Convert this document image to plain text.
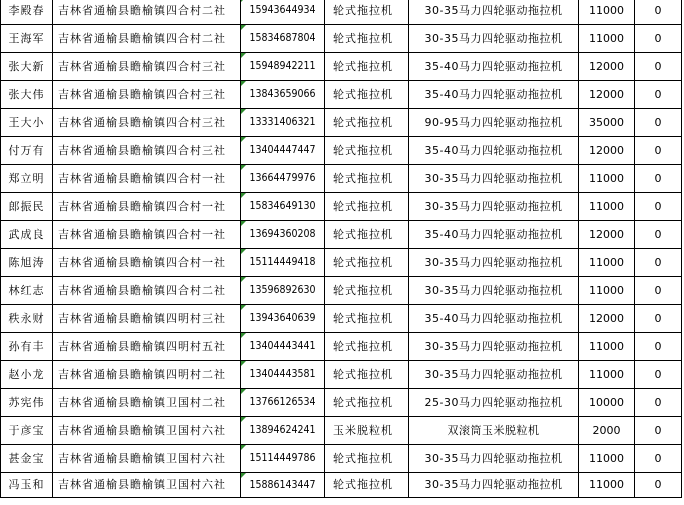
李殿春	吉林省通榆县瞻榆镇四合村二社	15943644934	轮式拖拉机	30-35马力四轮驱动拖拉机	11000	0
王海军	吉林省通榆县瞻榆镇四合村二社	15834687804	轮式拖拉机	30-35马力四轮驱动拖拉机	11000	0
张大新	吉林省通榆县瞻榆镇四合村三社	15948942211	轮式拖拉机	35-40马力四轮驱动拖拉机	12000	0
张大伟	吉林省通榆县瞻榆镇四合村三社	13843659066	轮式拖拉机	35-40马力四轮驱动拖拉机	12000	0
王大小	吉林省通榆县瞻榆镇四合村三社	13331406321	轮式拖拉机	90-95马力四轮驱动拖拉机	35000	0
付万有	吉林省通榆县瞻榆镇四合村三社	13404447447	轮式拖拉机	35-40马力四轮驱动拖拉机	12000	0
郑立明	吉林省通榆县瞻榆镇四合村一社	13664479976	轮式拖拉机	30-35马力四轮驱动拖拉机	11000	0
郎振民	吉林省通榆县瞻榆镇四合村一社	15834649130	轮式拖拉机	30-35马力四轮驱动拖拉机	11000	0
武成良	吉林省通榆县瞻榆镇四合村一社	13694360208	轮式拖拉机	35-40马力四轮驱动拖拉机	12000	0
陈旭涛	吉林省通榆县瞻榆镇四合村一社	15114449418	轮式拖拉机	30-35马力四轮驱动拖拉机	11000	0
林红志	吉林省通榆县瞻榆镇四合村二社	13596892630	轮式拖拉机	30-35马力四轮驱动拖拉机	11000	0
秩永财	吉林省通榆县瞻榆镇四明村三社	13943640639	轮式拖拉机	35-40马力四轮驱动拖拉机	12000	0
孙有丰	吉林省通榆县瞻榆镇四明村五社	13404443441	轮式拖拉机	30-35马力四轮驱动拖拉机	11000	0
赵小龙	吉林省通榆县瞻榆镇四明村二社	13404443581	轮式拖拉机	30-35马力四轮驱动拖拉机	11000	0
苏宪伟	吉林省通榆县瞻榆镇卫国村二社	13766126534	轮式拖拉机	25-30马力四轮驱动拖拉机	10000	0
于彦宝	吉林省通榆县瞻榆镇卫国村六社	13894624241	玉米脱粒机	双滚筒玉米脱粒机	2000	0
甚金宝	吉林省通榆县瞻榆镇卫国村六社	15114449786	轮式拖拉机	30-35马力四轮驱动拖拉机	11000	0
冯玉和	吉林省通榆县瞻榆镇卫国村六社	15886143447	轮式拖拉机	30-35马力四轮驱动拖拉机	11000	0
